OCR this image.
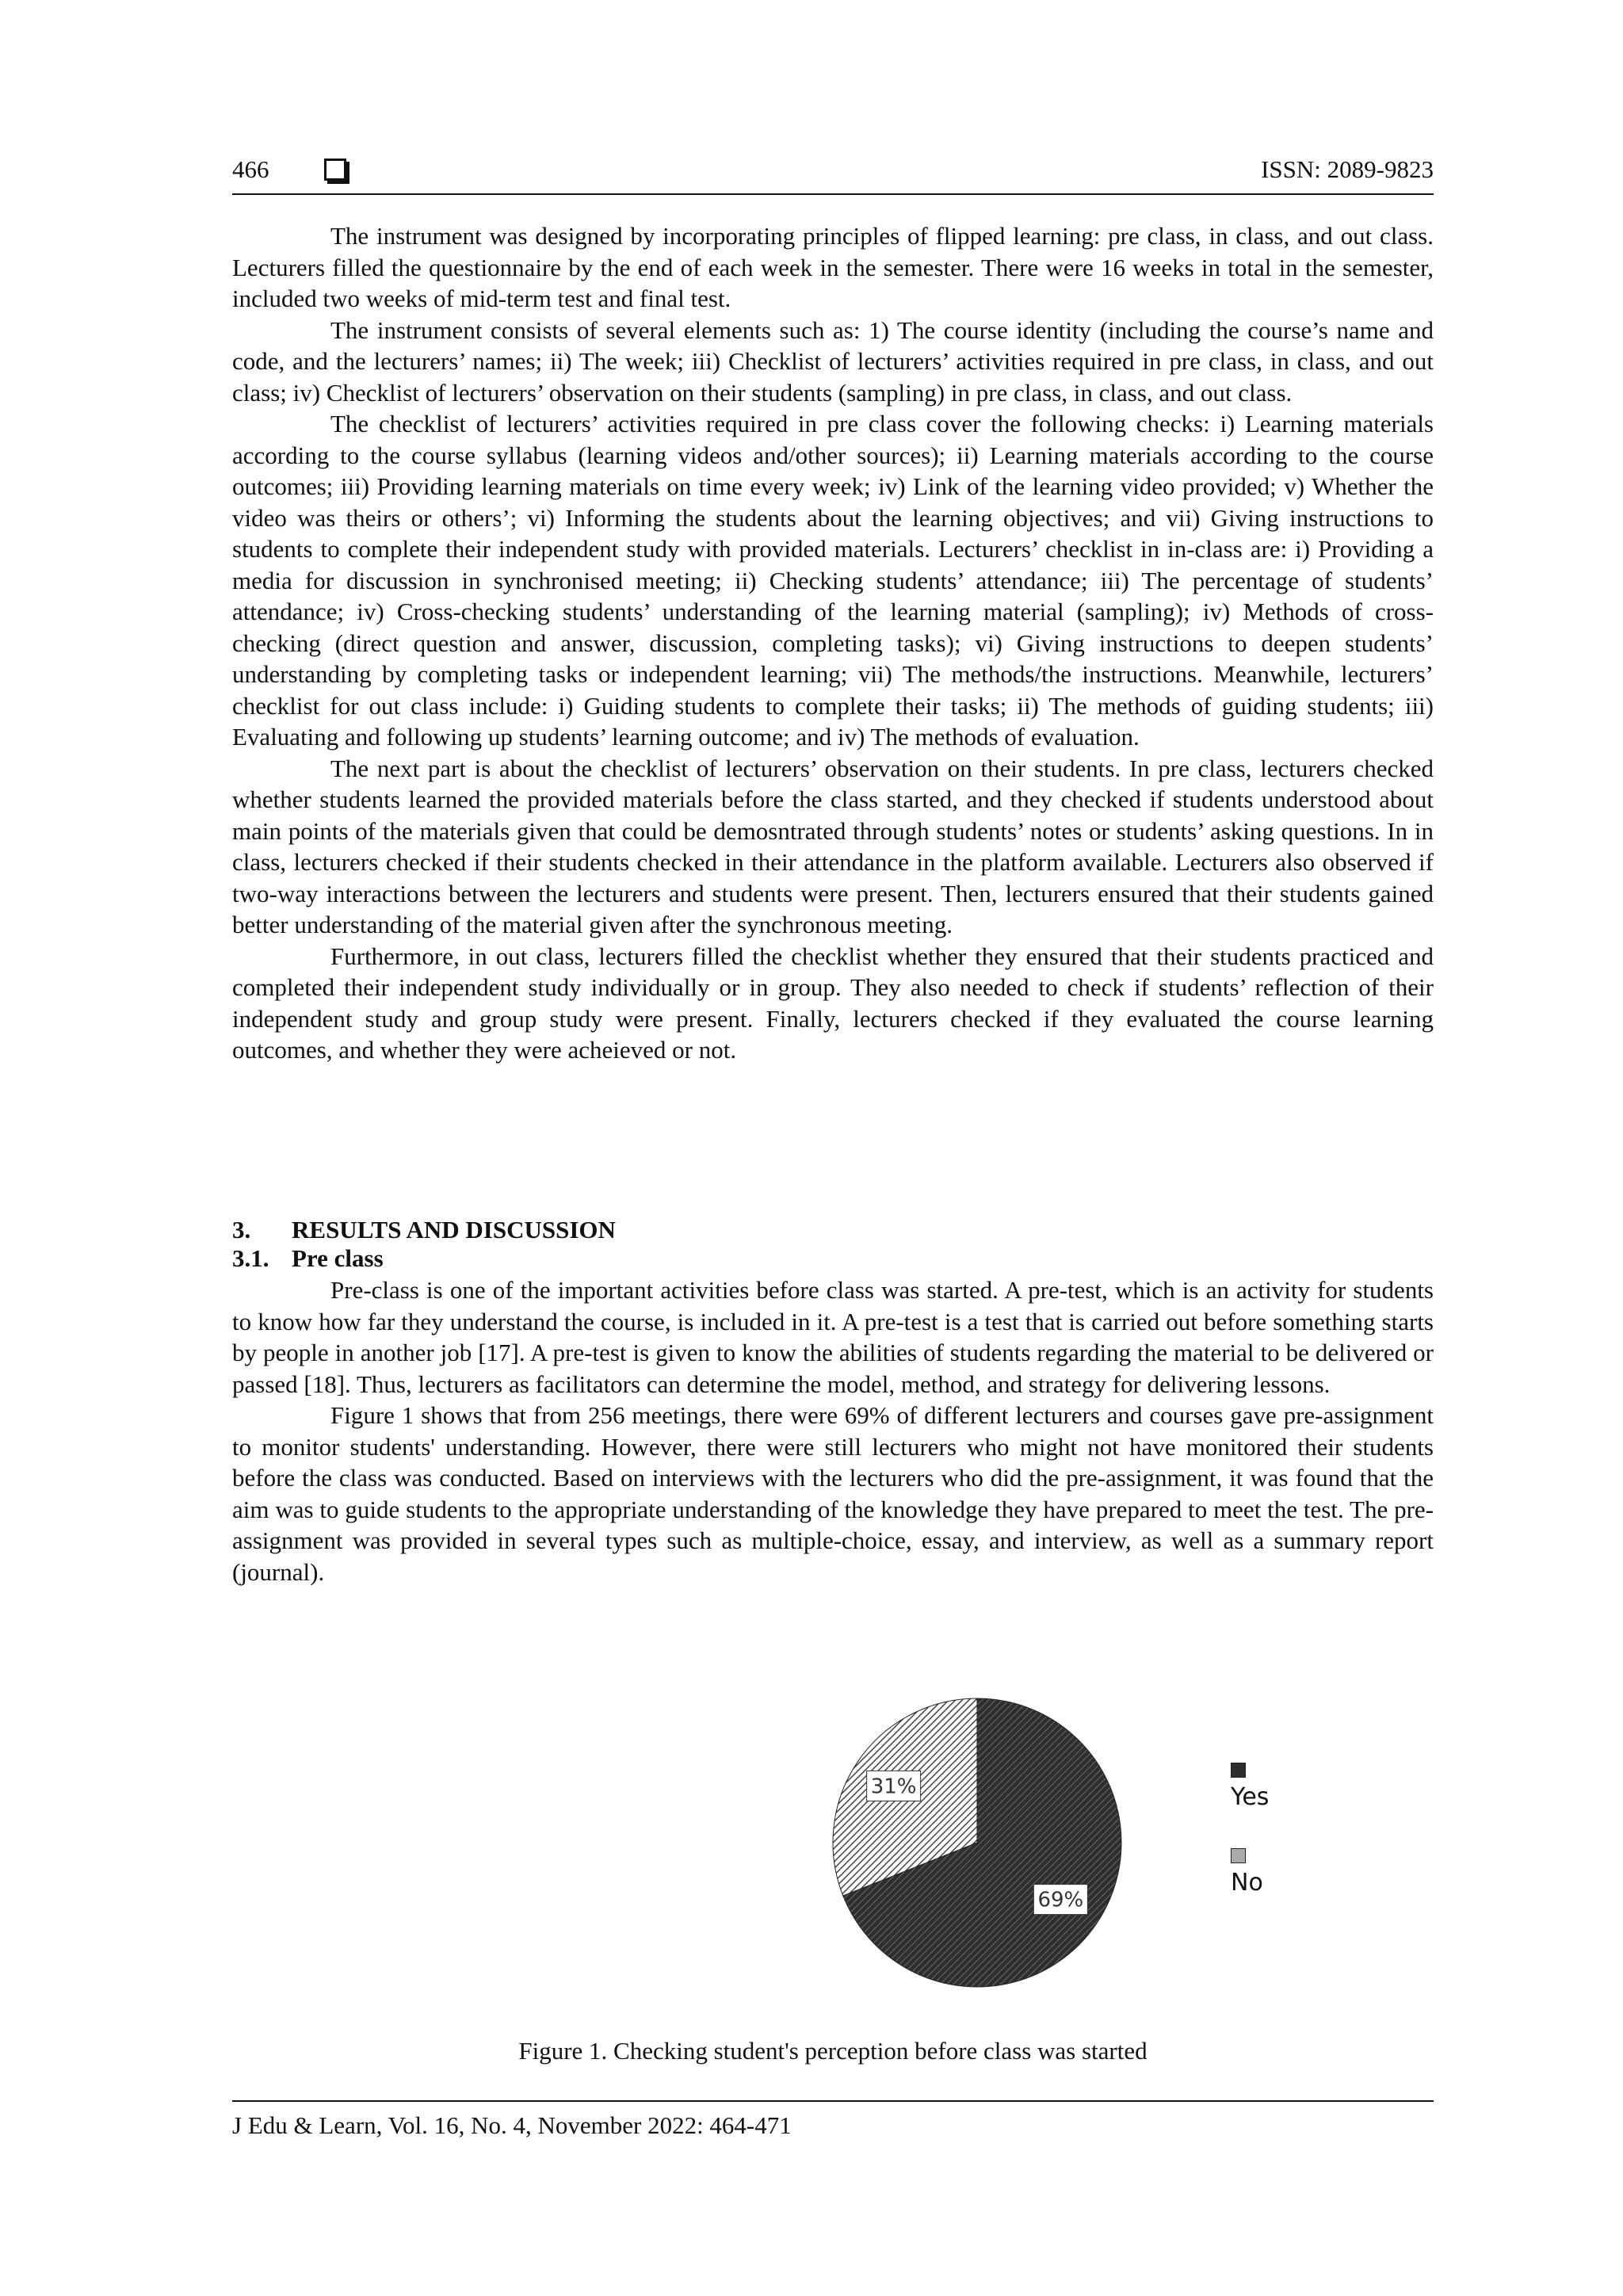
466	ISSN: 2089-9823

The instrument was designed by incorporating principles of flipped learning: pre class, in class, and out class. Lecturers filled the questionnaire by the end of each week in the semester. There were 16 weeks in total in the semester, included two weeks of mid-term test and final test.

The instrument consists of several elements such as: 1) The course identity (including the course’s name and code, and the lecturers’ names; ii) The week; iii) Checklist of lecturers’ activities required in pre class, in class, and out class; iv) Checklist of lecturers’ observation on their students (sampling) in pre class, in class, and out class.

The checklist of lecturers’ activities required in pre class cover the following checks: i) Learning materials according to the course syllabus (learning videos and/other sources); ii) Learning materials according to the course outcomes; iii) Providing learning materials on time every week; iv) Link of the learning video provided; v) Whether the video was theirs or others’; vi) Informing the students about the learning objectives; and vii) Giving instructions to students to complete their independent study with provided materials. Lecturers’ checklist in in-class are: i) Providing a media for discussion in synchronised meeting; ii) Checking students’ attendance; iii) The percentage of students’ attendance; iv) Cross-checking students’ understanding of the learning material (sampling); iv) Methods of cross-checking (direct question and answer, discussion, completing tasks); vi) Giving instructions to deepen students’ understanding by completing tasks or independent learning; vii) The methods/the instructions. Meanwhile, lecturers’ checklist for out class include: i) Guiding students to complete their tasks; ii) The methods of guiding students; iii) Evaluating and following up students’ learning outcome; and iv) The methods of evaluation.

The next part is about the checklist of lecturers’ observation on their students. In pre class, lecturers checked whether students learned the provided materials before the class started, and they checked if students understood about main points of the materials given that could be demosntrated through students’ notes or students’ asking questions. In in class, lecturers checked if their students checked in their attendance in the platform available. Lecturers also observed if two-way interactions between the lecturers and students were present. Then, lecturers ensured that their students gained better understanding of the material given after the synchronous meeting.

Furthermore, in out class, lecturers filled the checklist whether they ensured that their students practiced and completed their independent study individually or in group. They also needed to check if students’ reflection of their independent study and group study were present. Finally, lecturers checked if they evaluated the course learning outcomes, and whether they were acheieved or not.

3. RESULTS AND DISCUSSION
3.1. Pre class

Pre-class is one of the important activities before class was started. A pre-test, which is an activity for students to know how far they understand the course, is included in it. A pre-test is a test that is carried out before something starts by people in another job [17]. A pre-test is given to know the abilities of students regarding the material to be delivered or passed [18]. Thus, lecturers as facilitators can determine the model, method, and strategy for delivering lessons.

Figure 1 shows that from 256 meetings, there were 69% of different lecturers and courses gave pre-assignment to monitor students' understanding. However, there were still lecturers who might not have monitored their students before the class was conducted. Based on interviews with the lecturers who did the pre-assignment, it was found that the aim was to guide students to the appropriate understanding of the knowledge they have prepared to meet the test. The pre-assignment was provided in several types such as multiple-choice, essay, and interview, as well as a summary report (journal).

69%
31%	Yes
No
Figure 1. Checking student's perception before class was started
J Edu & Learn, Vol. 16, No. 4, November 2022: 464-471
